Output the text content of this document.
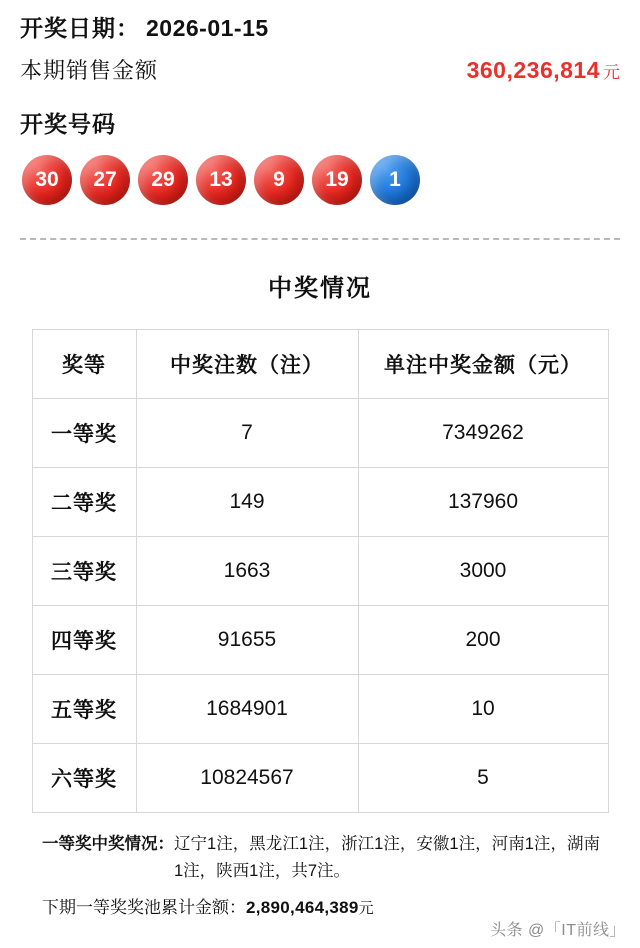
开奖日期： 2026-01-15
本期销售金额	360,236,814 元
开奖号码
30	27	29	13	9	19	1
中奖情况
奖等	中奖注数（注）	单注中奖金额（元）
一等奖	7	7349262
二等奖	149	137960
三等奖	1663	3000
四等奖	91655	200
五等奖	1684901	10
六等奖	10824567	5
一等奖中奖情况： 辽宁1注，黑龙江1注，浙江1注，安徽1注，河南1注，湖南1注，陕西1注，共7注。
下期一等奖奖池累计金额：2,890,464,389元
头条 @「IT前线」
